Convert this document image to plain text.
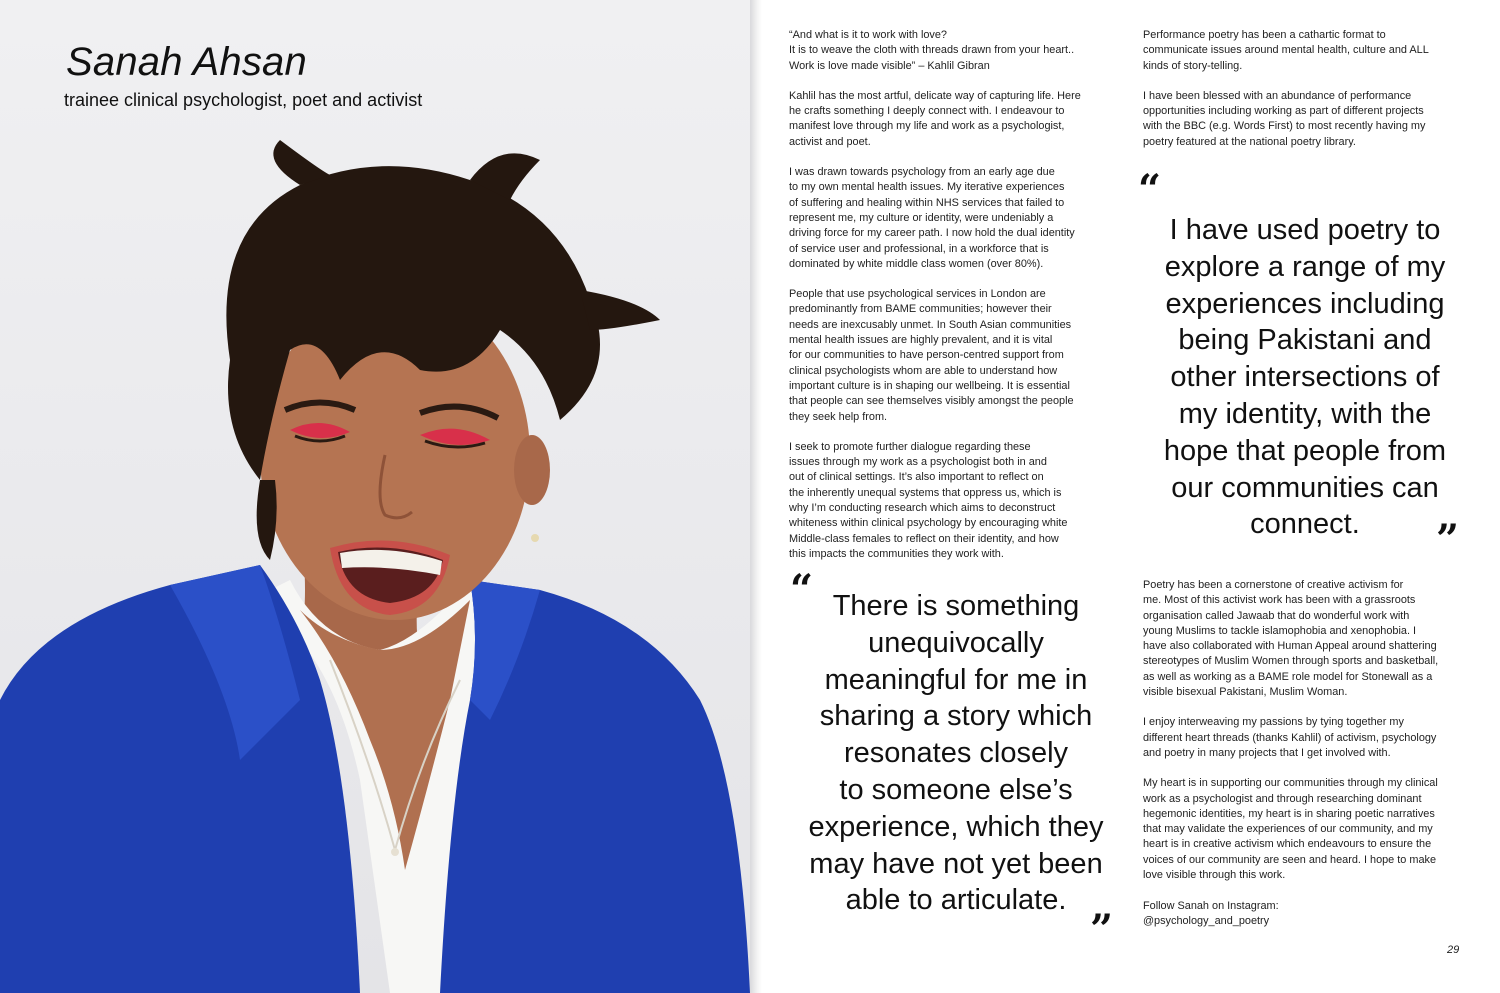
Sanah Ahsan

trainee clinical psychologist, poet and activist

“And what is it to work with love?
It is to weave the cloth with threads drawn from your heart..
Work is love made visible” – Kahlil Gibran

Kahlil has the most artful, delicate way of capturing life. Here
he crafts something I deeply connect with. I endeavour to
manifest love through my life and work as a psychologist,
activist and poet.

I was drawn towards psychology from an early age due
to my own mental health issues. My iterative experiences
of suffering and healing within NHS services that failed to
represent me, my culture or identity, were undeniably a
driving force for my career path. I now hold the dual identity
of service user and professional, in a workforce that is
dominated by white middle class women (over 80%).

People that use psychological services in London are
predominantly from BAME communities; however their
needs are inexcusably unmet. In South Asian communities
mental health issues are highly prevalent, and it is vital
for our communities to have person-centred support from
clinical psychologists whom are able to understand how
important culture is in shaping our wellbeing. It is essential
that people can see themselves visibly amongst the people
they seek help from.

I seek to promote further dialogue regarding these
issues through my work as a psychologist both in and
out of clinical settings. It’s also important to reflect on
the inherently unequal systems that oppress us, which is
why I’m conducting research which aims to deconstruct
whiteness within clinical psychology by encouraging white
Middle-class females to reflect on their identity, and how
this impacts the communities they work with.

Performance poetry has been a cathartic format to
communicate issues around mental health, culture and ALL
kinds of story-telling.

I have been blessed with an abundance of performance
opportunities including working as part of different projects
with the BBC (e.g. Words First) to most recently having my
poetry featured at the national poetry library.

“

I have used poetry to
explore a range of my
experiences including
being Pakistani and
other intersections of
my identity, with the
hope that people from
our communities can
connect.	”
“ There is something
unequivocally
meaningful for me in
sharing a story which
resonates closely
to someone else’s
experience, which they
may have not yet been
able to articulate.

”

Poetry has been a cornerstone of creative activism for
me. Most of this activist work has been with a grassroots
organisation called Jawaab that do wonderful work with
young Muslims to tackle islamophobia and xenophobia. I
have also collaborated with Human Appeal around shattering
stereotypes of Muslim Women through sports and basketball,
as well as working as a BAME role model for Stonewall as a
visible bisexual Pakistani, Muslim Woman.

I enjoy interweaving my passions by tying together my
different heart threads (thanks Kahlil) of activism, psychology
and poetry in many projects that I get involved with.

My heart is in supporting our communities through my clinical
work as a psychologist and through researching dominant
hegemonic identities, my heart is in sharing poetic narratives
that may validate the experiences of our community, and my
heart is in creative activism which endeavours to ensure the
voices of our community are seen and heard. I hope to make
love visible through this work.

Follow Sanah on Instagram:
@psychology_and_poetry
29
